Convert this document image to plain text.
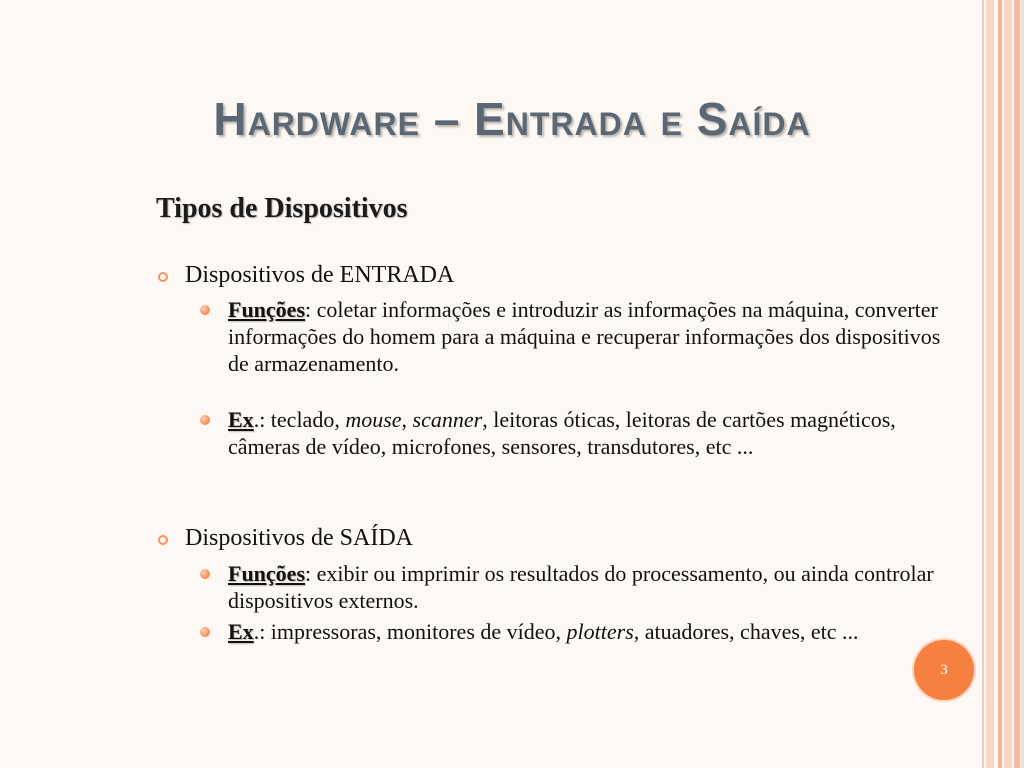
Hardware – Entrada e Saída
Tipos de Dispositivos
Dispositivos de ENTRADA
Funções: coletar informações e introduzir as informações na máquina, converter informações do homem para a máquina e recuperar informações dos dispositivos de armazenamento.
Ex.: teclado, mouse, scanner, leitoras óticas, leitoras de cartões magnéticos, câmeras de vídeo, microfones, sensores, transdutores, etc ...
Dispositivos de SAÍDA
Funções: exibir ou imprimir os resultados do processamento, ou ainda controlar dispositivos externos.
Ex.: impressoras, monitores de vídeo, plotters, atuadores, chaves, etc ...
3
